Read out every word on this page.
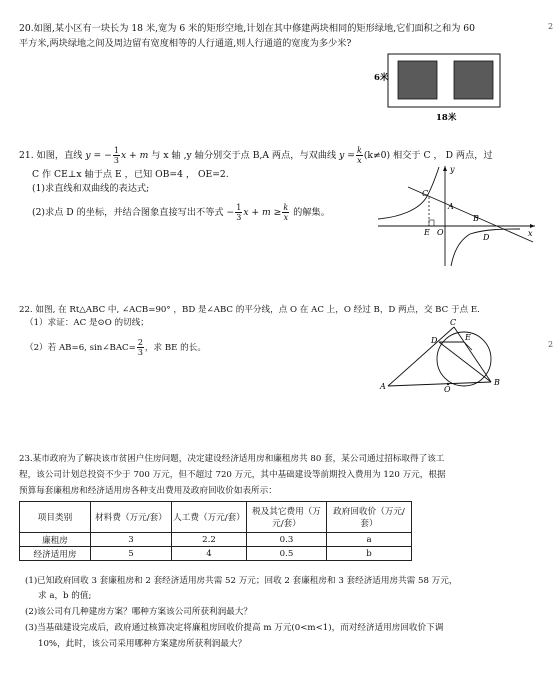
2
2
20.如图,某小区有一块长为 18 米,宽为 6 米的矩形空地,计划在其中修建两块相同的矩形绿地,它们面积之和为 60
平方米,两块绿地之间及周边留有宽度相等的人行通道,则人行通道的宽度为多少米?
6米
18米
21. 如图，直线 y = − $\frac{1}{3}$ x + m 与 x 轴 ,y 轴分别交于点 B,A 两点，与双曲线 $y = \frac{k}{x} (k\ne 0)$ 相交于 C ， D 两点，过
C 作 CE⊥x 轴于点 E ，已知 OB=4 ， OE=2.
(1)求直线和双曲线的表达式;
(2)求点 D 的坐标，并结合图象直接写出不等式 − $\frac{1}{3}$ $x + m \ge \frac{k}{x}$ 的解集。
y
C
A
B
E O
D	x
22. 如图, 在 Rt△ABC 中, ∠ACB=90° ，BD 是∠ABC 的平分线，点 O 在 AC 上，O 经过 B，D 两点，交 BC 于点 E.
（1）求证：AC 是⊙O 的切线；
（2）若 AB=6, sin∠BAC= $\frac{2}{3}$ ，求 BE 的长。
C
D	E
A	O
B
23.某市政府为了解决该市贫困户住房问题，决定建设经济适用房和廉租房共 80 套，某公司通过招标取得了该工
程，该公司计划总投资不少于 700 万元，但不超过 720 万元，其中基础建设等前期投入费用为 120 万元，根据
预算每套廉租房和经济适用房各种支出费用及政府回收价如表所示：
项目类别	材料费（万元/套）	人工费（万元/套）	税及其它费用（万元/套）	政府回收价（万元/套）
廉租房	3	2.2	0.3	a
经济适用房	5	4	0.5	b
(1)已知政府回收 3 套廉租房和 2 套经济适用房共需 52 万元；回收 2 套廉租房和 3 套经济适用房共需 58 万元，
求 a，b 的值;
(2)该公司有几种建房方案？哪种方案该公司所获利润最大？
(3)当基础建设完成后，政府通过核算决定将廉租房回收价提高 m 万元(0<m<1)，而对经济适用房回收价下调
10%，此时，该公司采用哪种方案建房所获利润最大？
